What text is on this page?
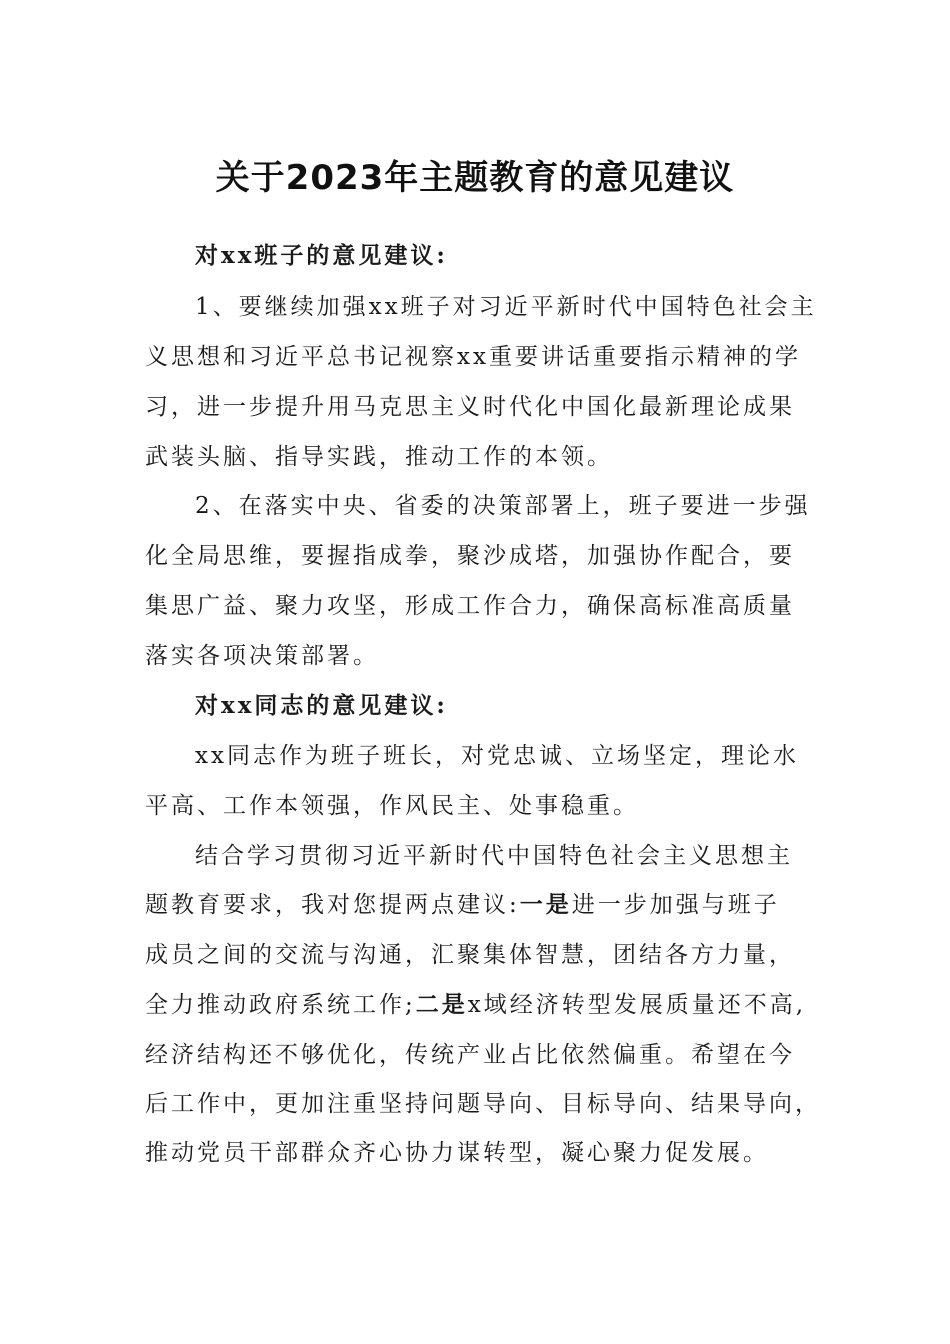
关于2023年主题教育的意见建议
对xx班子的意见建议:
1、要继续加强xx班子对习近平新时代中国特色社会主
义思想和习近平总书记视察xx重要讲话重要指示精神的学
习，进一步提升用马克思主义时代化中国化最新理论成果
武装头脑、指导实践，推动工作的本领。
2、在落实中央、省委的决策部署上，班子要进一步强
化全局思维，要握指成拳，聚沙成塔，加强协作配合，要
集思广益、聚力攻坚，形成工作合力，确保高标准高质量
落实各项决策部署。
对xx同志的意见建议:
xx同志作为班子班长，对党忠诚、立场坚定，理论水
平高、工作本领强，作风民主、处事稳重。
结合学习贯彻习近平新时代中国特色社会主义思想主
题教育要求，我对您提两点建议:一是进一步加强与班子
成员之间的交流与沟通，汇聚集体智慧，团结各方力量，
全力推动政府系统工作;二是x域经济转型发展质量还不高,
经济结构还不够优化，传统产业占比依然偏重。希望在今
后工作中，更加注重坚持问题导向、目标导向、结果导向，
推动党员干部群众齐心协力谋转型，凝心聚力促发展。
